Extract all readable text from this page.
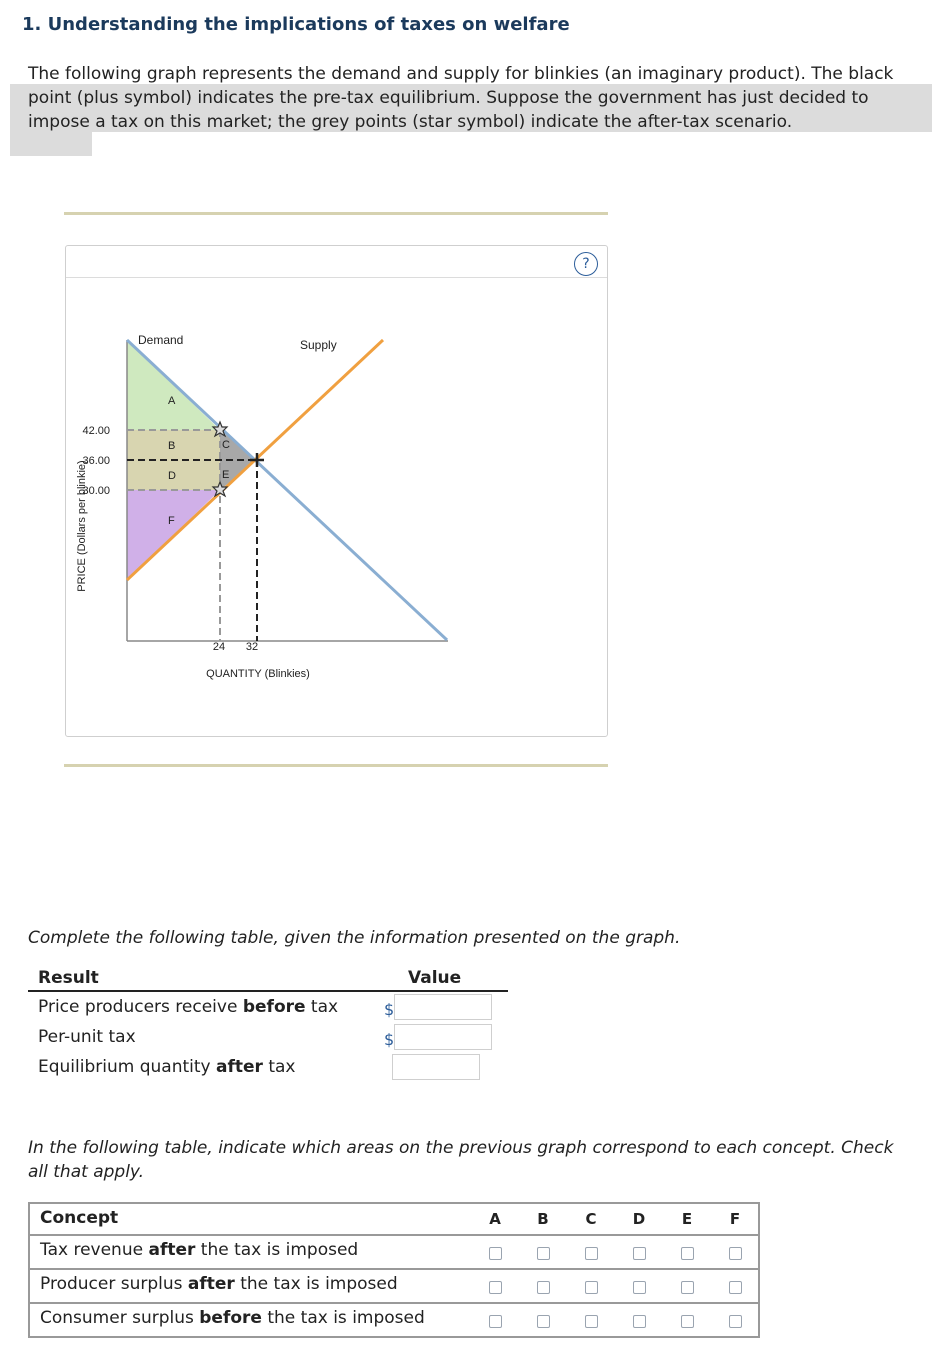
1. Understanding the implications of taxes on welfare
The following graph represents the demand and supply for blinkies (an imaginary product). The black point (plus symbol) indicates the pre-tax equilibrium. Suppose the government has just decided to impose a tax on this market; the grey points (star symbol) indicate the after-tax scenario.
?
Demand	Supply
A
B	C
D	E
F
42.00
36.00
30.00
24 32
QUANTITY (Blinkies)
PRICE (Dollars per blinkie)
Complete the following table, given the information presented on the graph.
Result	Value
Price producers receive before tax	$
Per-unit tax	$
Equilibrium quantity after tax
In the following table, indicate which areas on the previous graph correspond to each concept. Check all that apply.
Concept	A B C	D	E	F
Tax revenue after the tax is imposed
Producer surplus after the tax is imposed
Consumer surplus before the tax is imposed
